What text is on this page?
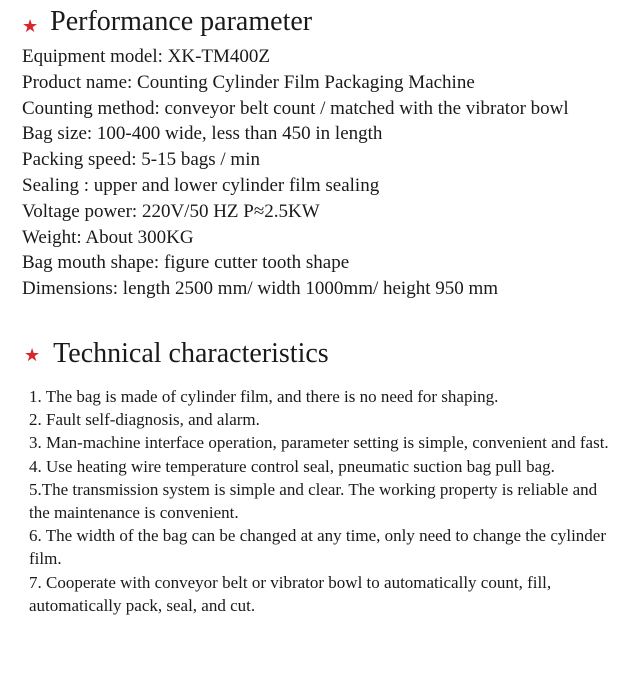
★ Performance parameter
Equipment model: XK-TM400Z
Product name: Counting Cylinder Film Packaging Machine
Counting method: conveyor belt count / matched with the vibrator bowl
Bag size: 100-400 wide, less than 450 in length
Packing speed: 5-15 bags / min
Sealing : upper and lower cylinder film sealing
Voltage power: 220V/50 HZ P≈2.5KW
Weight: About 300KG
Bag mouth shape: figure cutter tooth shape
Dimensions: length 2500 mm/ width 1000mm/ height 950 mm
★ Technical characteristics
1. The bag is made of cylinder film, and there is no need for shaping.
2. Fault self-diagnosis, and alarm.
3. Man-machine interface operation, parameter setting is simple, convenient and fast.
4. Use heating wire temperature control seal, pneumatic suction bag pull bag.
5.The transmission system is simple and clear. The working property is reliable and the maintenance is convenient.
6. The width of the bag can be changed at any time, only need to change the cylinder film.
7. Cooperate with conveyor belt or vibrator bowl to automatically count, fill, automatically pack, seal, and cut.
